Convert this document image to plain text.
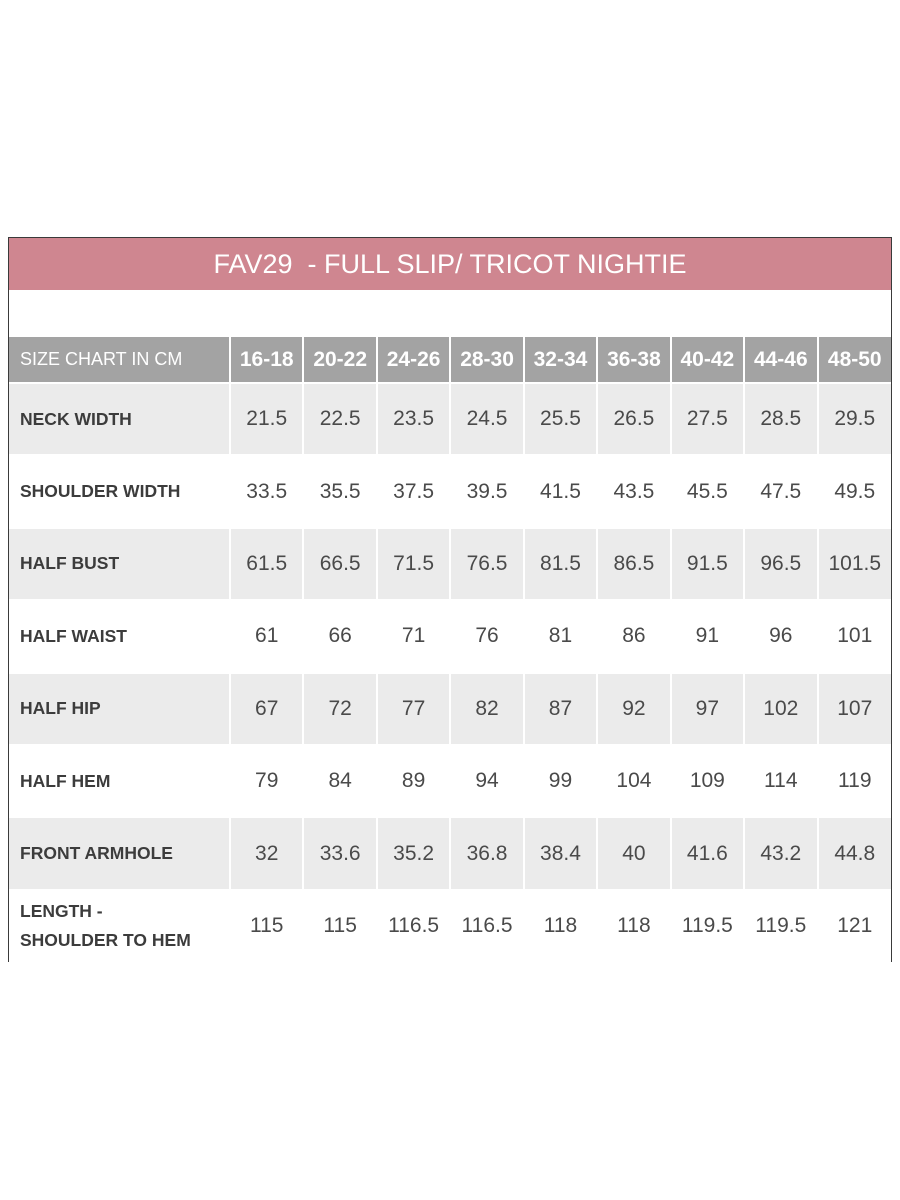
FAV29  - FULL SLIP/ TRICOT NIGHTIE
SIZE CHART IN CM	16-18	20-22	24-26	28-30	32-34	36-38	40-42	44-46	48-50
NECK WIDTH	21.5	22.5	23.5	24.5	25.5	26.5	27.5	28.5	29.5
SHOULDER WIDTH	33.5	35.5	37.5	39.5	41.5	43.5	45.5	47.5	49.5
HALF BUST	61.5	66.5	71.5	76.5	81.5	86.5	91.5	96.5	101.5
HALF WAIST	61	66	71	76	81	86	91	96	101
HALF HIP	67	72	77	82	87	92	97	102	107
HALF HEM	79	84	89	94	99	104	109	114	119
FRONT ARMHOLE	32	33.6	35.2	36.8	38.4	40	41.6	43.2	44.8
LENGTH -
SHOULDER TO HEM	115	115	116.5	116.5	118	118	119.5	119.5	121
